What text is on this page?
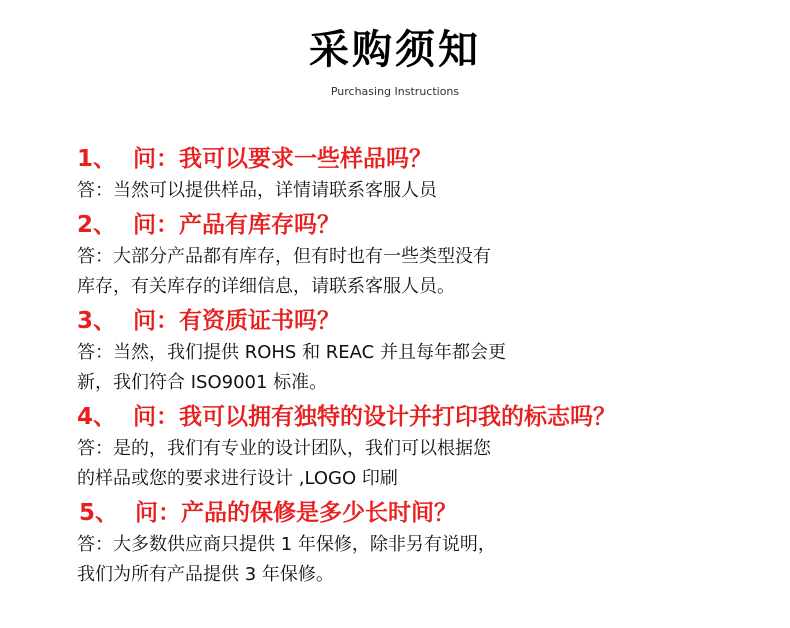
采购须知
Purchasing Instructions
1、 问：我可以要求一些样品吗？
答：当然可以提供样品，详情请联系客服人员
2、 问：产品有库存吗？
答：大部分产品都有库存，但有时也有一些类型没有
库存，有关库存的详细信息，请联系客服人员。
3、 问：有资质证书吗？
答：当然，我们提供 ROHS 和 REAC 并且每年都会更
新，我们符合 ISO9001 标准。
4、 问：我可以拥有独特的设计并打印我的标志吗？
答：是的，我们有专业的设计团队，我们可以根据您
的样品或您的要求进行设计 ,LOGO 印刷
5、 问：产品的保修是多少长时间？
答：大多数供应商只提供 1 年保修，除非另有说明，
我们为所有产品提供 3 年保修。
